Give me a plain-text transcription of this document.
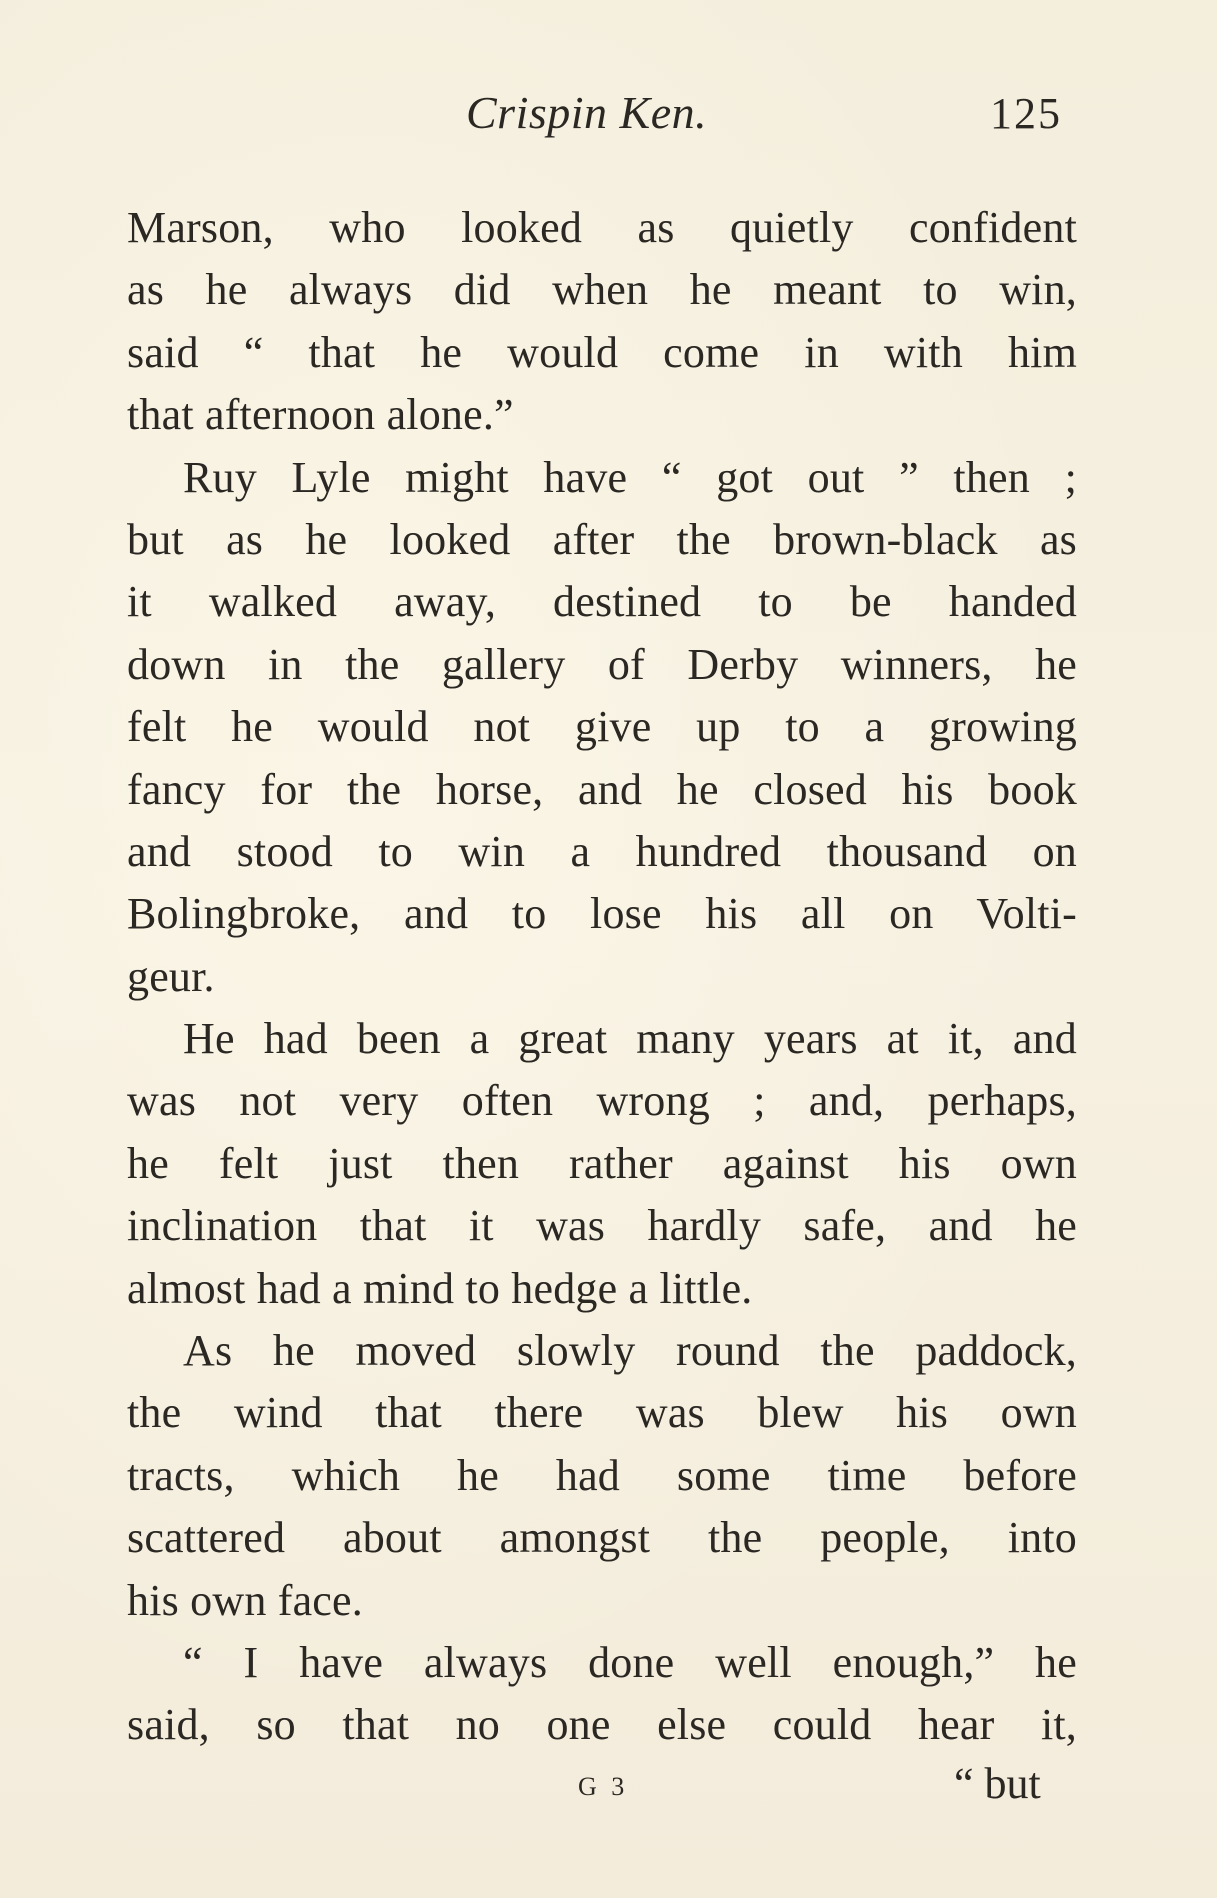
Crispin Ken.	125
Marson, who looked as quietly confident
as he always did when he meant to win,
said “ that he would come in with him
that afternoon alone.”
Ruy Lyle might have “ got out ” then ;
but as he looked after the brown-black as
it walked away, destined to be handed
down in the gallery of Derby winners, he
felt he would not give up to a growing
fancy for the horse, and he closed his book
and stood to win a hundred thousand on
Bolingbroke, and to lose his all on Volti-
geur.
He had been a great many years at it, and
was not very often wrong ; and, perhaps,
he felt just then rather against his own
inclination that it was hardly safe, and he
almost had a mind to hedge a little.
As he moved slowly round the paddock,
the wind that there was blew his own
tracts, which he had some time before
scattered about amongst the people, into
his own face.
“ I have always done well enough,” he
said, so that no one else could hear it,
G 3	“ but
